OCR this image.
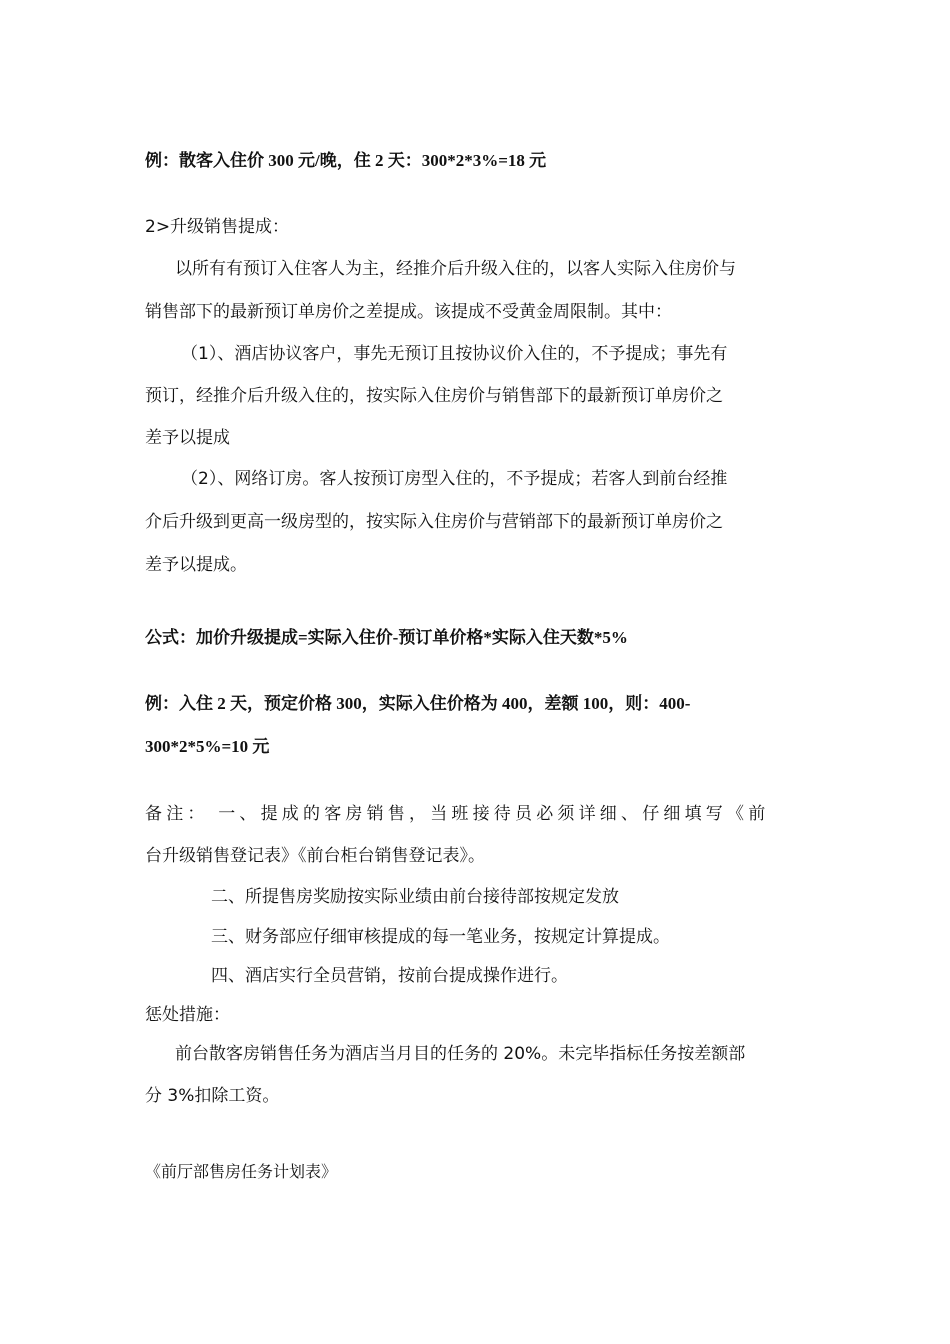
例：散客入住价 300 元/晚，住 2 天：300*2*3%=18 元
2>升级销售提成：
以所有有预订入住客人为主，经推介后升级入住的，以客人实际入住房价与
销售部下的最新预订单房价之差提成。该提成不受黄金周限制。其中：
（1）、酒店协议客户，事先无预订且按协议价入住的，不予提成；事先有
预订，经推介后升级入住的，按实际入住房价与销售部下的最新预订单房价之
差予以提成
（2）、网络订房。客人按预订房型入住的，不予提成；若客人到前台经推
介后升级到更高一级房型的，按实际入住房价与营销部下的最新预订单房价之
差予以提成。
公式：加价升级提成=实际入住价-预订单价格*实际入住天数*5%
例：入住 2 天，预定价格 300，实际入住价格为 400，差额 100，则：400-
300*2*5%=10 元
备注： 一、提成的客房销售，当班接待员必须详细、仔细填写《前
台升级销售登记表》《前台柜台销售登记表》。
二、所提售房奖励按实际业绩由前台接待部按规定发放
三、财务部应仔细审核提成的每一笔业务，按规定计算提成。
四、酒店实行全员营销，按前台提成操作进行。
惩处措施：
前台散客房销售任务为酒店当月目的任务的 20%。未完毕指标任务按差额部
分 3%扣除工资。
《前厅部售房任务计划表》
